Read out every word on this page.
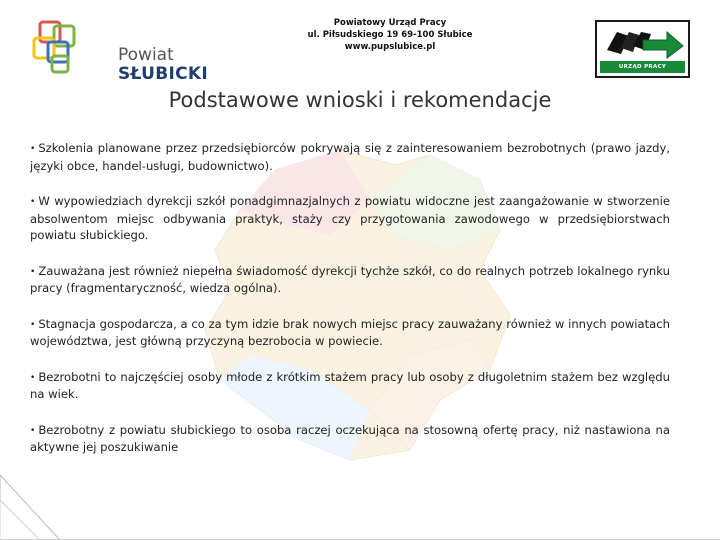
Powiat
SŁUBICKI
Powiatowy Urząd Pracy
ul. Piłsudskiego 19 69-100 Słubice
www.pupslubice.pl
URZĄD PRACY
Podstawowe wnioski i rekomendacje
• Szkolenia planowane przez przedsiębiorców pokrywają się z zainteresowaniem bezrobotnych (prawo jazdy, języki obce, handel-usługi, budownictwo).
• W wypowiedziach dyrekcji szkół ponadgimnazjalnych z powiatu widoczne jest zaangażowanie w stworzenie absolwentom miejsc odbywania praktyk, staży czy przygotowania zawodowego w przedsiębiorstwach powiatu słubickiego.
• Zauważana jest również niepełna świadomość dyrekcji tychże szkół, co do realnych potrzeb lokalnego rynku pracy (fragmentaryczność, wiedza ogólna).
• Stagnacja gospodarcza, a co za tym idzie brak nowych miejsc pracy zauważany również w innych powiatach województwa, jest główną przyczyną bezrobocia w powiecie.
• Bezrobotni to najczęściej osoby młode z krótkim stażem pracy lub osoby z długoletnim stażem bez względu na wiek.
• Bezrobotny z powiatu słubickiego to osoba raczej oczekująca na stosowną ofertę pracy, niż nastawiona na aktywne jej poszukiwanie
